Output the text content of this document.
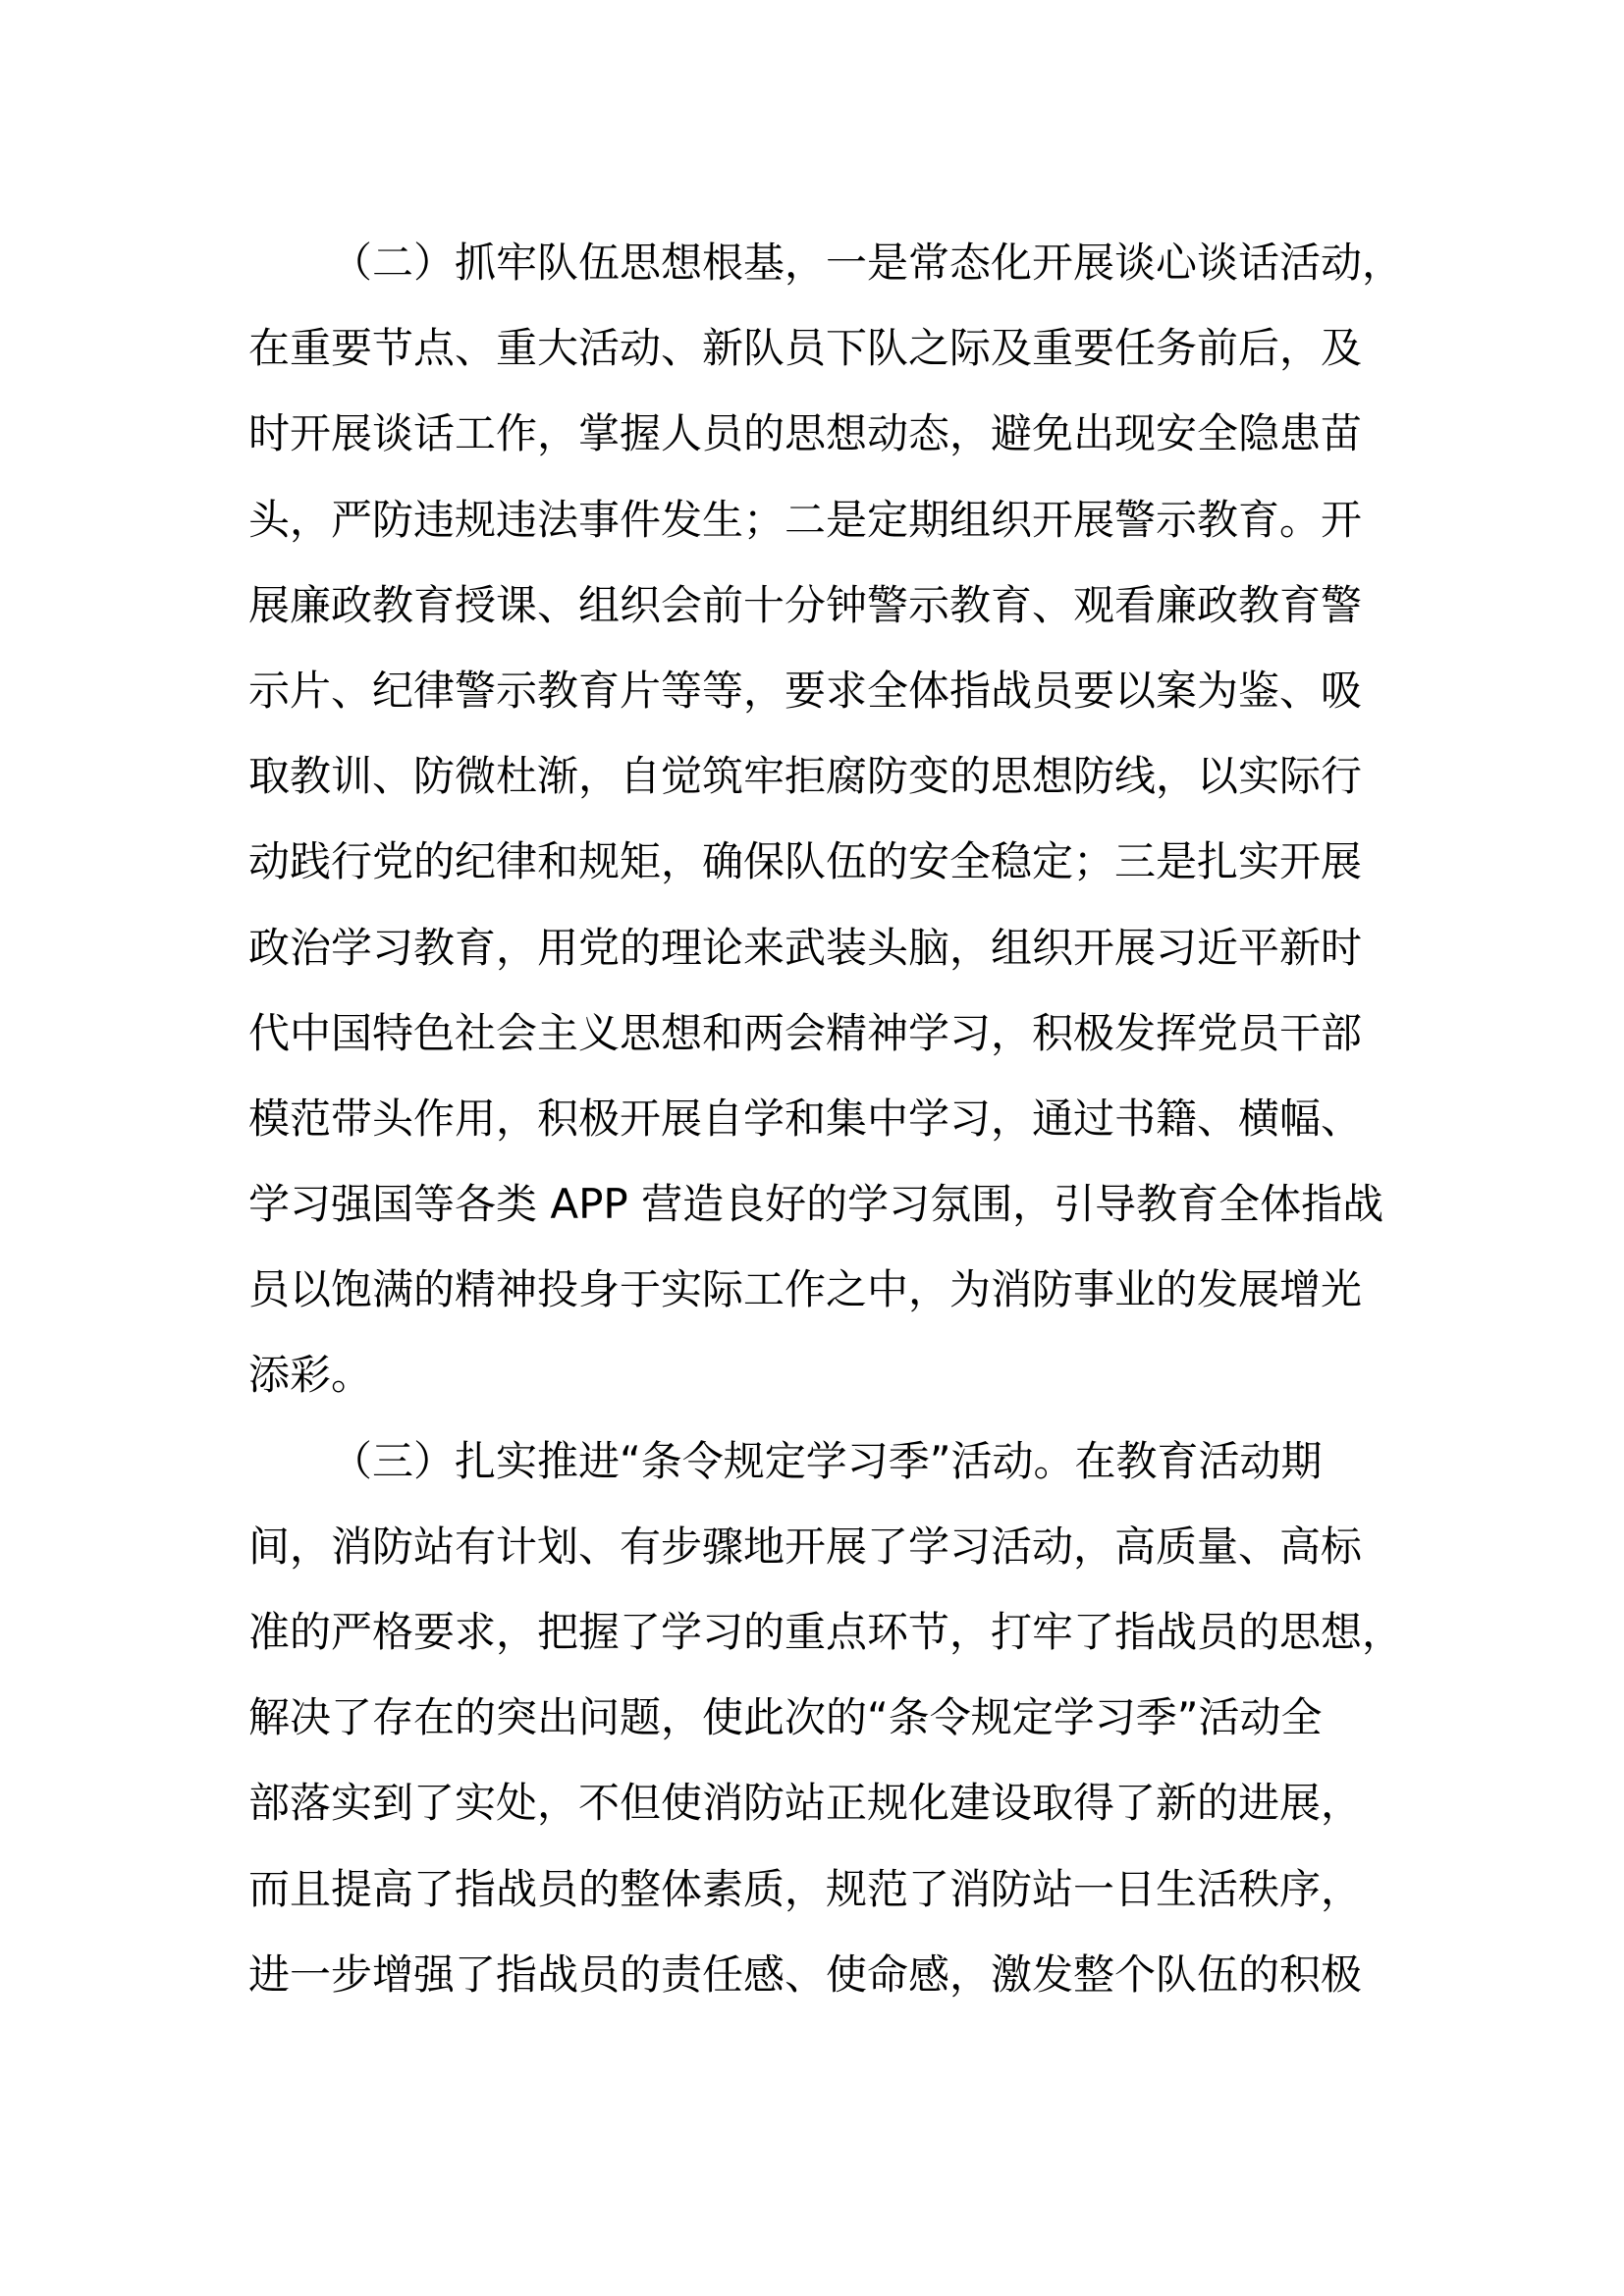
（二）抓牢队伍思想根基，一是常态化开展谈心谈话活动，
在重要节点、重大活动、新队员下队之际及重要任务前后，及
时开展谈话工作，掌握人员的思想动态，避免出现安全隐患苗
头，严防违规违法事件发生；二是定期组织开展警示教育。开
展廉政教育授课、组织会前十分钟警示教育、观看廉政教育警
示片、纪律警示教育片等等，要求全体指战员要以案为鉴、吸
取教训、防微杜渐，自觉筑牢拒腐防变的思想防线，以实际行
动践行党的纪律和规矩，确保队伍的安全稳定；三是扎实开展
政治学习教育，用党的理论来武装头脑，组织开展习近平新时
代中国特色社会主义思想和两会精神学习，积极发挥党员干部
模范带头作用，积极开展自学和集中学习，通过书籍、横幅、
学习强国等各类 APP 营造良好的学习氛围，引导教育全体指战
员以饱满的精神投身于实际工作之中，为消防事业的发展增光
添彩。
（三）扎实推进“条令规定学习季”活动。在教育活动期
间，消防站有计划、有步骤地开展了学习活动，高质量、高标
准的严格要求，把握了学习的重点环节，打牢了指战员的思想，
解决了存在的突出问题，使此次的“条令规定学习季”活动全
部落实到了实处，不但使消防站正规化建设取得了新的进展，
而且提高了指战员的整体素质，规范了消防站一日生活秩序，
进一步增强了指战员的责任感、使命感，激发整个队伍的积极
